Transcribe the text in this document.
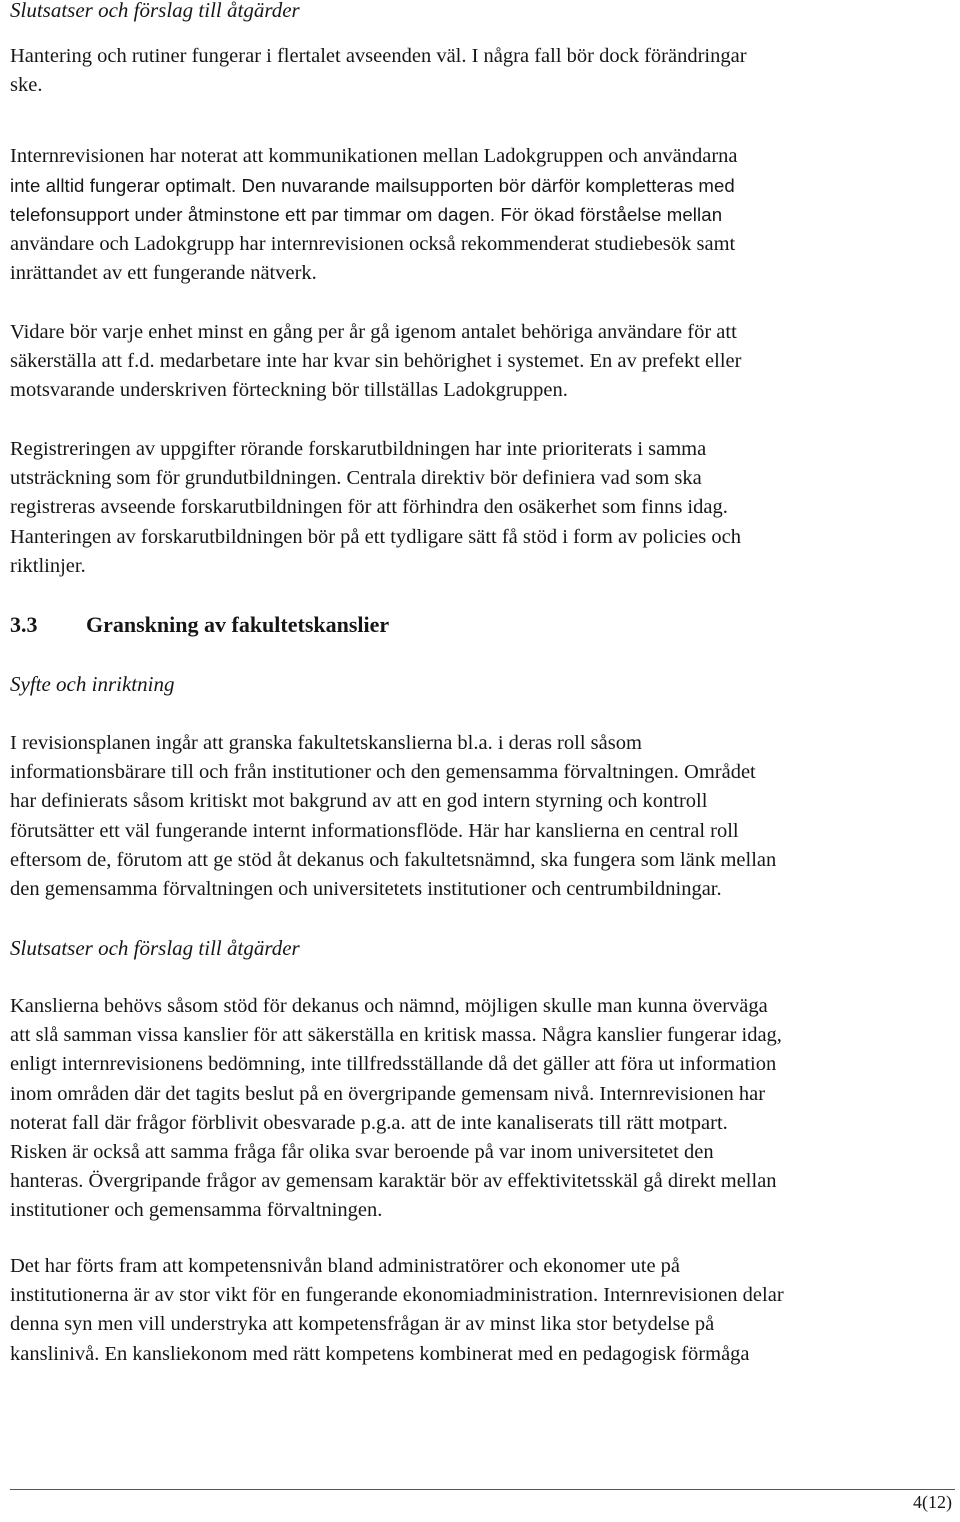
Slutsatser och förslag till åtgärder

Hantering och rutiner fungerar i flertalet avseenden väl. I några fall bör dock förändringar
ske.

Internrevisionen har noterat att kommunikationen mellan Ladokgruppen och användarna
inte alltid fungerar optimalt. Den nuvarande mailsupporten bör därför kompletteras med
telefonsupport under åtminstone ett par timmar om dagen. För ökad förståelse mellan
användare och Ladokgrupp har internrevisionen också rekommenderat studiebesök samt
inrättandet av ett fungerande nätverk.

Vidare bör varje enhet minst en gång per år gå igenom antalet behöriga användare för att
säkerställa att f.d. medarbetare inte har kvar sin behörighet i systemet. En av prefekt eller
motsvarande underskriven förteckning bör tillställas Ladokgruppen.

Registreringen av uppgifter rörande forskarutbildningen har inte prioriterats i samma
utsträckning som för grundutbildningen. Centrala direktiv bör definiera vad som ska
registreras avseende forskarutbildningen för att förhindra den osäkerhet som finns idag.
Hanteringen av forskarutbildningen bör på ett tydligare sätt få stöd i form av policies och
riktlinjer.

3.3	Granskning av fakultetskanslier

Syfte och inriktning

I revisionsplanen ingår att granska fakultetskanslierna bl.a. i deras roll såsom
informationsbärare till och från institutioner och den gemensamma förvaltningen. Området
har definierats såsom kritiskt mot bakgrund av att en god intern styrning och kontroll
förutsätter ett väl fungerande internt informationsflöde. Här har kanslierna en central roll
eftersom de, förutom att ge stöd åt dekanus och fakultetsnämnd, ska fungera som länk mellan
den gemensamma förvaltningen och universitetets institutioner och centrumbildningar.

Slutsatser och förslag till åtgärder

Kanslierna behövs såsom stöd för dekanus och nämnd, möjligen skulle man kunna överväga
att slå samman vissa kanslier för att säkerställa en kritisk massa. Några kanslier fungerar idag,
enligt internrevisionens bedömning, inte tillfredsställande då det gäller att föra ut information
inom områden där det tagits beslut på en övergripande gemensam nivå. Internrevisionen har
noterat fall där frågor förblivit obesvarade p.g.a. att de inte kanaliserats till rätt motpart.
Risken är också att samma fråga får olika svar beroende på var inom universitetet den
hanteras. Övergripande frågor av gemensam karaktär bör av effektivitetsskäl gå direkt mellan
institutioner och gemensamma förvaltningen.

Det har förts fram att kompetensnivån bland administratörer och ekonomer ute på
institutionerna är av stor vikt för en fungerande ekonomiadministration. Internrevisionen delar
denna syn men vill understryka att kompetensfrågan är av minst lika stor betydelse på
kanslinivå. En kansliekonom med rätt kompetens kombinerat med en pedagogisk förmåga

4(12)
